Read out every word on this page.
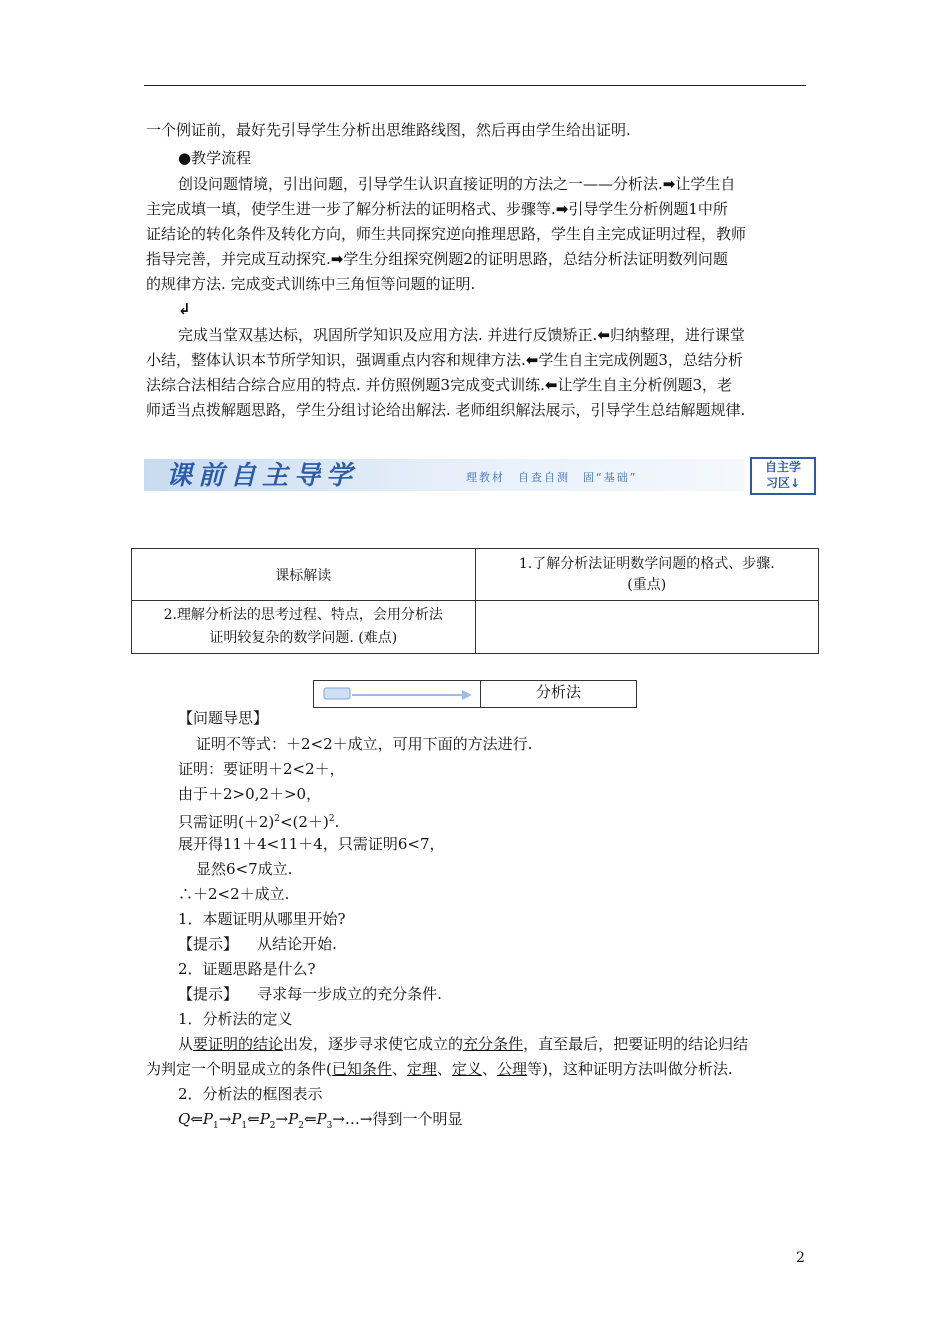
一个例证前，最好先引导学生分析出思维路线图，然后再由学生给出证明.
●教学流程
创设问题情境，引出问题，引导学生认识直接证明的方法之一——分析法.➡让学生自
主完成填一填，使学生进一步了解分析法的证明格式、步骤等.➡引导学生分析例题1中所
证结论的转化条件及转化方向，师生共同探究逆向推理思路，学生自主完成证明过程，教师
指导完善，并完成互动探究.➡学生分组探究例题2的证明思路，总结分析法证明数列问题
的规律方法. 完成变式训练中三角恒等问题的证明.
↲
完成当堂双基达标，巩固所学知识及应用方法. 并进行反馈矫正.⬅归纳整理，进行课堂
小结，整体认识本节所学知识，强调重点内容和规律方法.⬅学生自主完成例题3，总结分析
法综合法相结合综合应用的特点. 并仿照例题3完成变式训练.⬅让学生自主分析例题3，老
师适当点拨解题思路，学生分组讨论给出解法. 老师组织解法展示，引导学生总结解题规律.
课前自主导学	理教材　自查自测　固“基础”
自主学
习区↓
课标解读	1.了解分析法证明数学问题的格式、步骤.
(重点)

2.理解分析法的思考过程、特点，会用分析法
证明较复杂的数学问题. (难点)	

分析法
【问题导思】
证明不等式：＋2<2＋成立，可用下面的方法进行.
证明：要证明＋2<2＋，
由于＋2>0,2＋>0，
只需证明$(+2)^2<(2+)^2$.
展开得11＋4<11＋4，只需证明6<7，
显然6<7成立.
∴＋2<2＋成立.
1．本题证明从哪里开始?
【提示】 从结论开始.
2．证题思路是什么?
【提示】 寻求每一步成立的充分条件.
1．分析法的定义
从要证明的结论出发，逐步寻求使它成立的充分条件，直至最后，把要证明的结论归结
为判定一个明显成立的条件(已知条件、定理、定义、公理等)，这种证明方法叫做分析法.
2．分析法的框图表示
$Q⇐P_1\to P_1⇐P_2\to P_2⇐P_3\to\dots\to$得到一个明显
2
